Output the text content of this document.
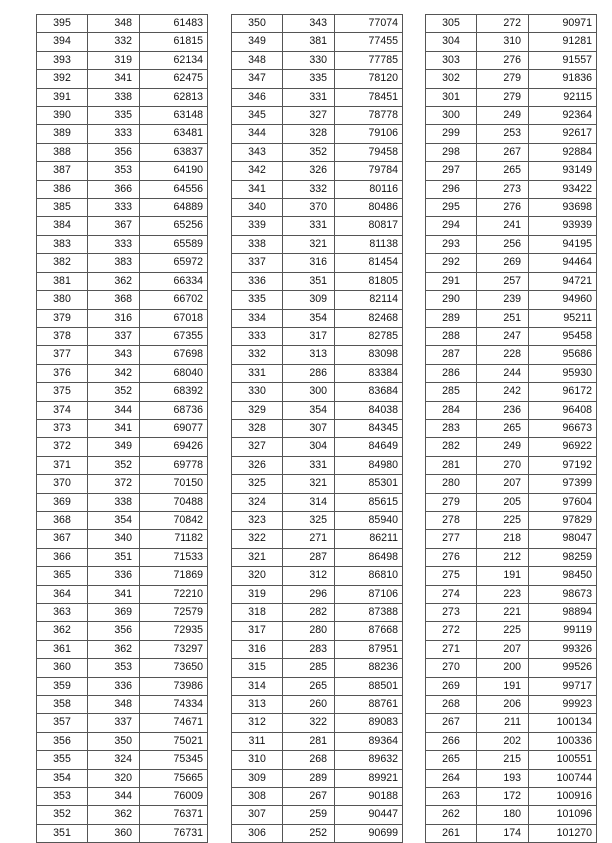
395	348	61483
394	332	61815
393	319	62134
392	341	62475
391	338	62813
390	335	63148
389	333	63481
388	356	63837
387	353	64190
386	366	64556
385	333	64889
384	367	65256
383	333	65589
382	383	65972
381	362	66334
380	368	66702
379	316	67018
378	337	67355
377	343	67698
376	342	68040
375	352	68392
374	344	68736
373	341	69077
372	349	69426
371	352	69778
370	372	70150
369	338	70488
368	354	70842
367	340	71182
366	351	71533
365	336	71869
364	341	72210
363	369	72579
362	356	72935
361	362	73297
360	353	73650
359	336	73986
358	348	74334
357	337	74671
356	350	75021
355	324	75345
354	320	75665
353	344	76009
352	362	76371
351	360	76731
350	343	77074
349	381	77455
348	330	77785
347	335	78120
346	331	78451
345	327	78778
344	328	79106
343	352	79458
342	326	79784
341	332	80116
340	370	80486
339	331	80817
338	321	81138
337	316	81454
336	351	81805
335	309	82114
334	354	82468
333	317	82785
332	313	83098
331	286	83384
330	300	83684
329	354	84038
328	307	84345
327	304	84649
326	331	84980
325	321	85301
324	314	85615
323	325	85940
322	271	86211
321	287	86498
320	312	86810
319	296	87106
318	282	87388
317	280	87668
316	283	87951
315	285	88236
314	265	88501
313	260	88761
312	322	89083
311	281	89364
310	268	89632
309	289	89921
308	267	90188
307	259	90447
306	252	90699
305	272	90971
304	310	91281
303	276	91557
302	279	91836
301	279	92115
300	249	92364
299	253	92617
298	267	92884
297	265	93149
296	273	93422
295	276	93698
294	241	93939
293	256	94195
292	269	94464
291	257	94721
290	239	94960
289	251	95211
288	247	95458
287	228	95686
286	244	95930
285	242	96172
284	236	96408
283	265	96673
282	249	96922
281	270	97192
280	207	97399
279	205	97604
278	225	97829
277	218	98047
276	212	98259
275	191	98450
274	223	98673
273	221	98894
272	225	99119
271	207	99326
270	200	99526
269	191	99717
268	206	99923
267	211	100134
266	202	100336
265	215	100551
264	193	100744
263	172	100916
262	180	101096
261	174	101270
